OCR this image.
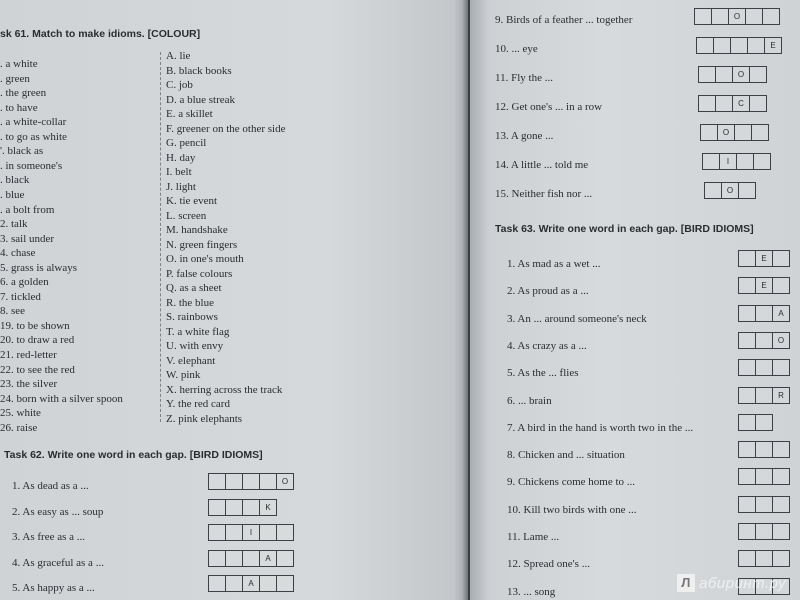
sk 61. Match to make idioms. [COLOUR]
. a white
. green
. the green
. to have
. a white-collar
. to go as white
'. black as
. in someone's
. black
. blue
. a bolt from
2. talk
3. sail under
4. chase
5. grass is always
6. a golden
7. tickled
8. see
19. to be shown
20. to draw a red
21. red-letter
22. to see the red
23. the silver
24. born with a silver spoon
25. white
26. raise
A. lie
B. black books
C. job
D. a blue streak
E. a skillet
F. greener on the other side
G. pencil
H. day
I. belt
J. light
K. tie event
L. screen
M. handshake
N. green fingers
O. in one's mouth
P. false colours
Q. as a sheet
R. the blue
S. rainbows
T. a white flag
U. with envy
V. elephant
W. pink
X. herring across the track
Y. the red card
Z. pink elephants
Task 62. Write one word in each gap. [BIRD IDIOMS]
1. As dead as a ...	O
2. As easy as ... soup	K
3. As free as a ...	I
4. As graceful as a ...	A
5. As happy as a ...	A
9. Birds of a feather ... together	O
10. ... eye	E
11. Fly the ...	O
12. Get one's ... in a row	C
13. A gone ...	O
14. A little ... told me	I
15. Neither fish nor ...	O
Task 63. Write one word in each gap. [BIRD IDIOMS]
1. As mad as a wet ...	E
2. As proud as a ...	E
3. An ... around someone's neck	A
4. As crazy as a ...	O
5. As the ... flies
6. ... brain	R
7. A bird in the hand is worth two in the ...
8. Chicken and ... situation
9. Chickens come home to ...
10. Kill two birds with one ...
11. Lame ...
12. Spread one's ...
13. ... song
Л абиринт.ру
